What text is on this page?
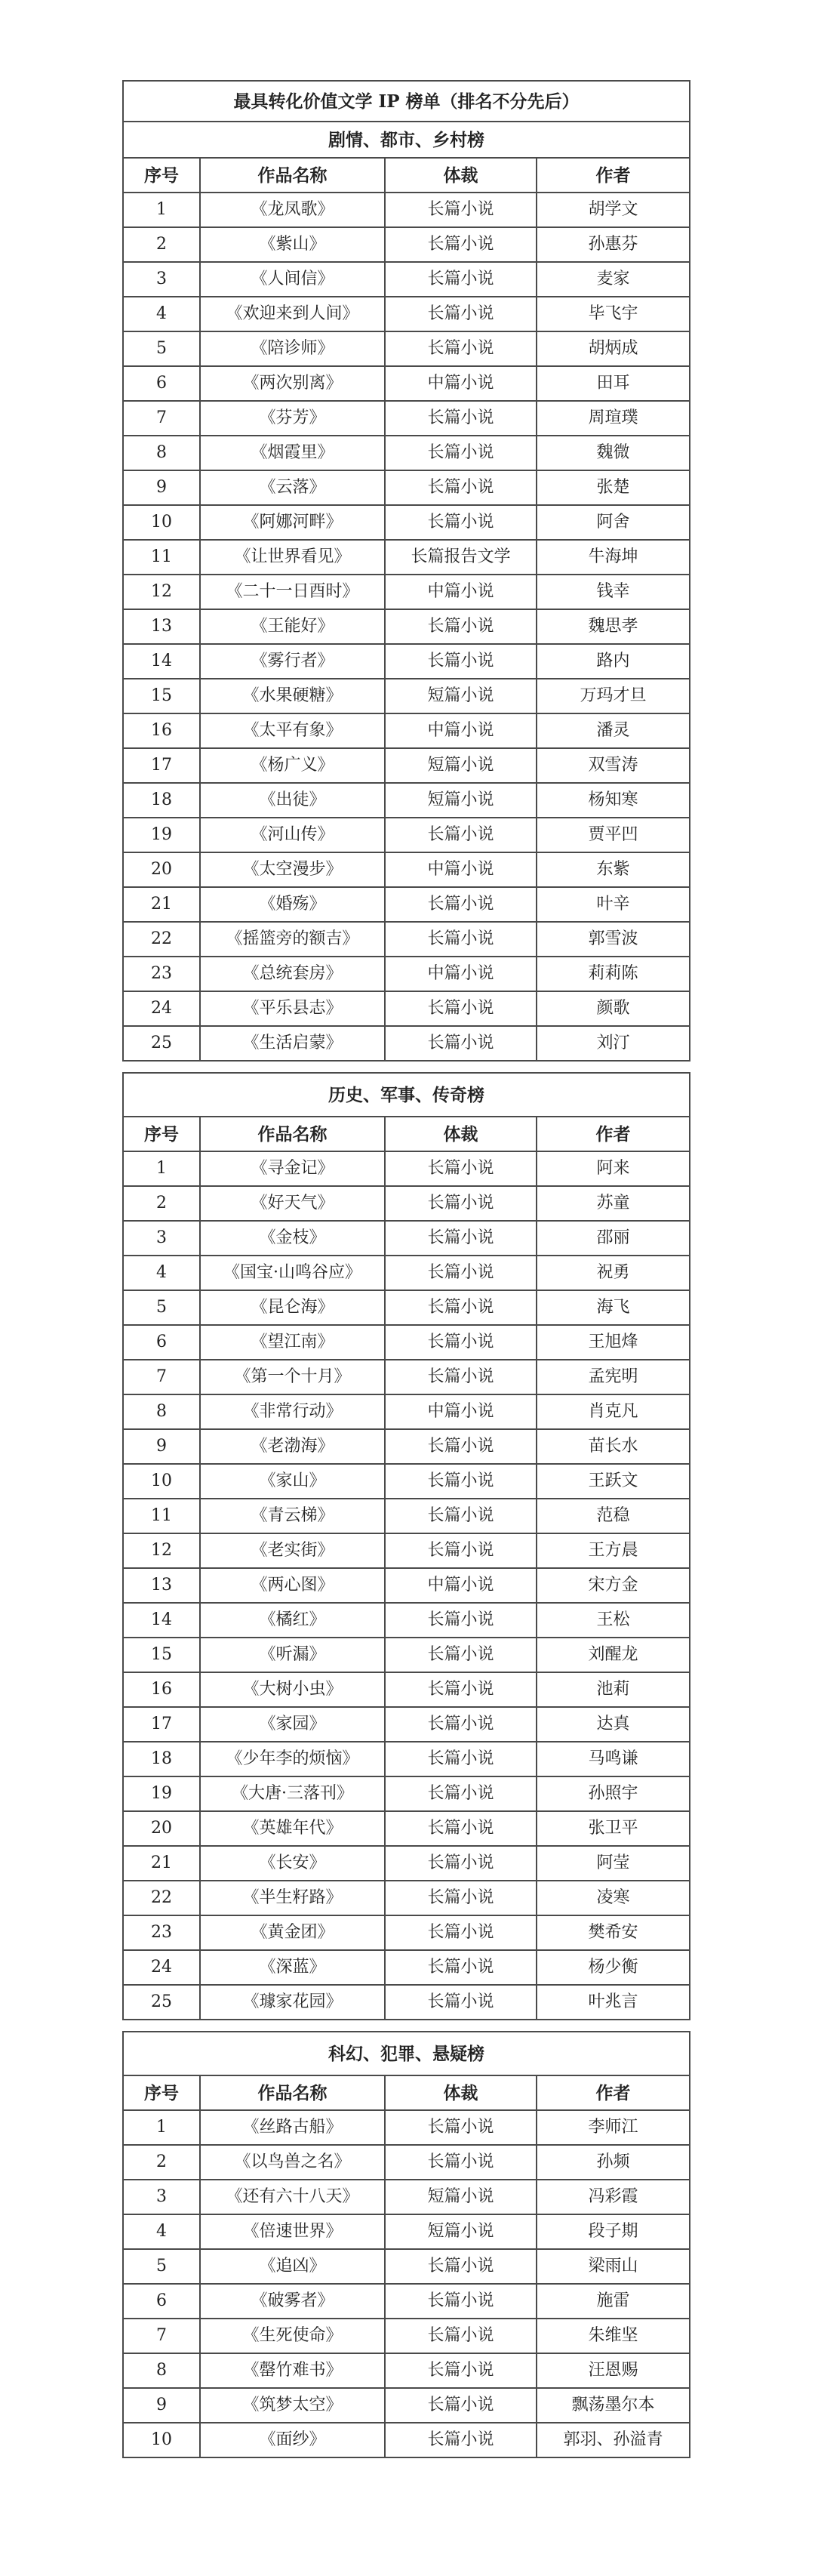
最具转化价值文学 IP 榜单（排名不分先后）			
剧情、都市、乡村榜			
序号	作品名称	体裁	作者
1	《龙凤歌》	长篇小说	胡学文
2	《紫山》	长篇小说	孙惠芬
3	《人间信》	长篇小说	麦家
4	《欢迎来到人间》	长篇小说	毕飞宇
5	《陪诊师》	长篇小说	胡炳成
6	《两次别离》	中篇小说	田耳
7	《芬芳》	长篇小说	周瑄璞
8	《烟霞里》	长篇小说	魏微
9	《云落》	长篇小说	张楚
10	《阿娜河畔》	长篇小说	阿舍
11	《让世界看见》	长篇报告文学	牛海坤
12	《二十一日酉时》	中篇小说	钱幸
13	《王能好》	长篇小说	魏思孝
14	《雾行者》	长篇小说	路内
15	《水果硬糖》	短篇小说	万玛才旦
16	《太平有象》	中篇小说	潘灵
17	《杨广义》	短篇小说	双雪涛
18	《出徒》	短篇小说	杨知寒
19	《河山传》	长篇小说	贾平凹
20	《太空漫步》	中篇小说	东紫
21	《婚殇》	长篇小说	叶辛
22	《摇篮旁的额吉》	长篇小说	郭雪波
23	《总统套房》	中篇小说	莉莉陈
24	《平乐县志》	长篇小说	颜歌
25	《生活启蒙》	长篇小说	刘汀
历史、军事、传奇榜			
序号	作品名称	体裁	作者
1	《寻金记》	长篇小说	阿来
2	《好天气》	长篇小说	苏童
3	《金枝》	长篇小说	邵丽
4	《国宝·山鸣谷应》	长篇小说	祝勇
5	《昆仑海》	长篇小说	海飞
6	《望江南》	长篇小说	王旭烽
7	《第一个十月》	长篇小说	孟宪明
8	《非常行动》	中篇小说	肖克凡
9	《老渤海》	长篇小说	苗长水
10	《家山》	长篇小说	王跃文
11	《青云梯》	长篇小说	范稳
12	《老实街》	长篇小说	王方晨
13	《两心图》	中篇小说	宋方金
14	《橘红》	长篇小说	王松
15	《听漏》	长篇小说	刘醒龙
16	《大树小虫》	长篇小说	池莉
17	《家园》	长篇小说	达真
18	《少年李的烦恼》	长篇小说	马鸣谦
19	《大唐·三落刊》	长篇小说	孙照宇
20	《英雄年代》	长篇小说	张卫平
21	《长安》	长篇小说	阿莹
22	《半生籽路》	长篇小说	凌寒
23	《黄金团》	长篇小说	樊希安
24	《深蓝》	长篇小说	杨少衡
25	《璩家花园》	长篇小说	叶兆言
科幻、犯罪、悬疑榜			
序号	作品名称	体裁	作者
1	《丝路古船》	长篇小说	李师江
2	《以鸟兽之名》	长篇小说	孙频
3	《还有六十八天》	短篇小说	冯彩霞
4	《倍速世界》	短篇小说	段子期
5	《追凶》	长篇小说	梁雨山
6	《破雾者》	长篇小说	施雷
7	《生死使命》	长篇小说	朱维坚
8	《罄竹难书》	长篇小说	汪恩赐
9	《筑梦太空》	长篇小说	飘荡墨尔本
10	《面纱》	长篇小说	郭羽、孙溢青
